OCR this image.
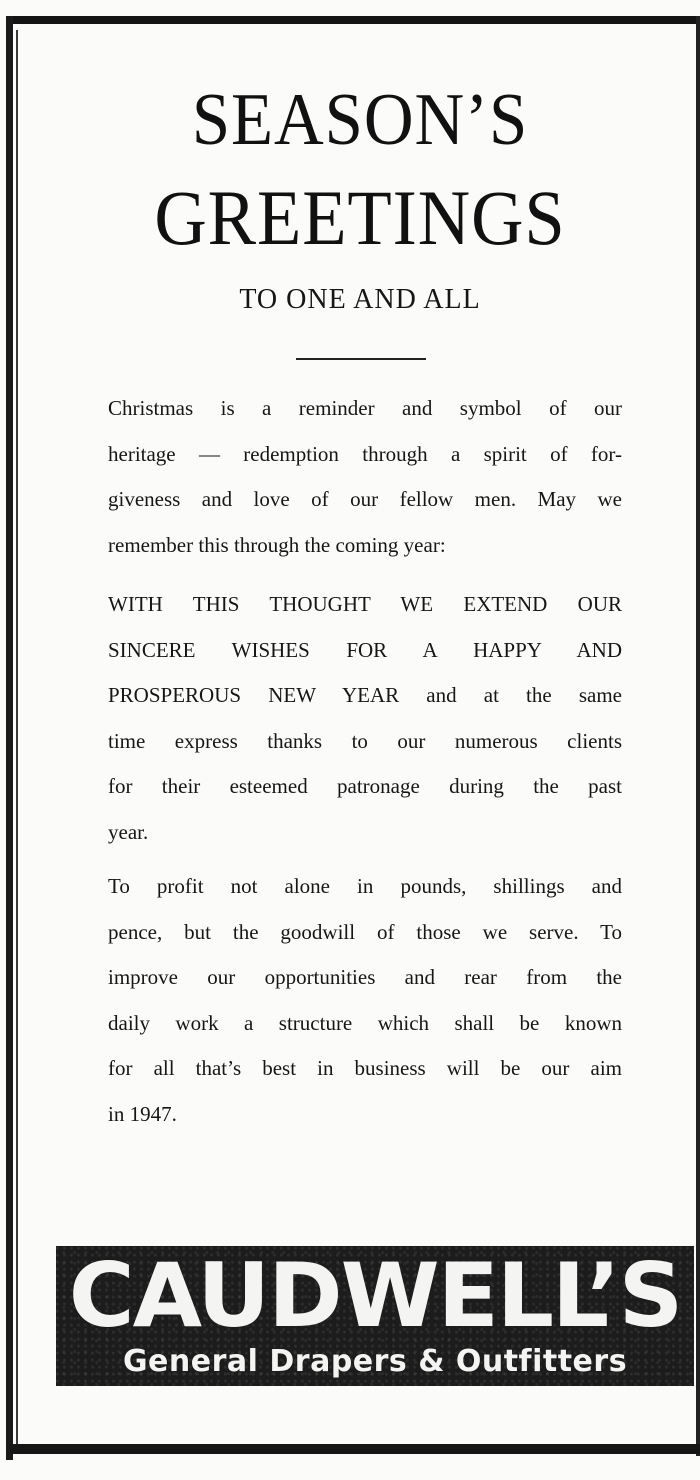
SEASON’S
GREETINGS
TO ONE AND ALL
Christmas is a reminder and symbol of our
heritage — redemption through a spirit of for-
giveness and love of our fellow men. May we
remember this through the coming year:
WITH THIS THOUGHT WE EXTEND OUR
SINCERE WISHES FOR A HAPPY AND
PROSPEROUS NEW YEAR and at the same
time express thanks to our numerous clients
for their esteemed patronage during the past
year.
To profit not alone in pounds, shillings and
pence, but the goodwill of those we serve. To
improve our opportunities and rear from the
daily work a structure which shall be known
for all that’s best in business will be our aim
in 1947.
CAUDWELL’S
General Drapers & Outfitters
